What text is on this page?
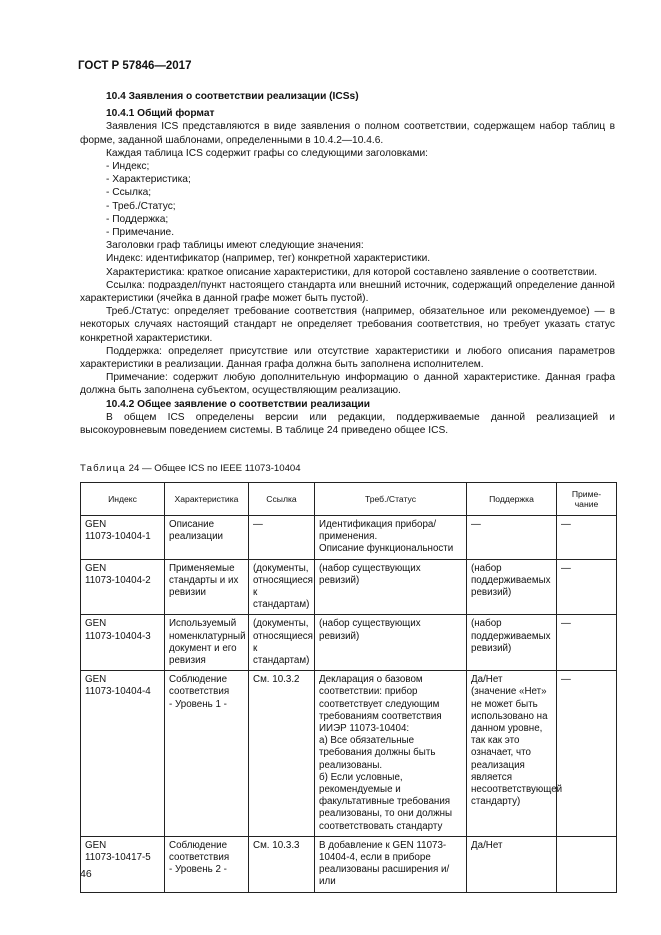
ГОСТ Р 57846—2017
10.4 Заявления о соответствии реализации (ICSs)
10.4.1 Общий формат
Заявления ICS представляются в виде заявления о полном соответствии, содержащем набор таблиц в форме, заданной шаблонами, определенными в 10.4.2—10.4.6.
Каждая таблица ICS содержит графы со следующими заголовками:
- Индекс;
- Характеристика;
- Ссылка;
- Треб./Статус;
- Поддержка;
- Примечание.
Заголовки граф таблицы имеют следующие значения:
Индекс: идентификатор (например, тег) конкретной характеристики.
Характеристика: краткое описание характеристики, для которой составлено заявление о соответствии.
Ссылка: подраздел/пункт настоящего стандарта или внешний источник, содержащий определение данной характеристики (ячейка в данной графе может быть пустой).
Треб./Статус: определяет требование соответствия (например, обязательное или рекомендуемое) — в некоторых случаях настоящий стандарт не определяет требования соответствия, но требует указать статус конкретной характеристики.
Поддержка: определяет присутствие или отсутствие характеристики и любого описания параметров характеристики в реализации. Данная графа должна быть заполнена исполнителем.
Примечание: содержит любую дополнительную информацию о данной характеристике. Данная графа должна быть заполнена субъектом, осуществляющим реализацию.
10.4.2 Общее заявление о соответствии реализации
В общем ICS определены версии или редакции, поддерживаемые данной реализацией и высокоуровневым поведением системы. В таблице 24 приведено общее ICS.
Таблица 24 — Общее ICS по IEEE 11073-10404
Индекс	Характеристика	Ссылка	Треб./Статус	Поддержка	Приме-
чание
GEN
11073-10404-1	Описание реализации	—	Идентификация прибора/применения.
Описание функциональности	—	—
GEN
11073-10404-2	Применяемые стандарты и их ревизии	(документы, относящиеся к стандартам)	(набор существующих ревизий)	(набор поддерживаемых ревизий)	—
GEN
11073-10404-3	Используемый номенклатурный документ и его ревизия	(документы, относящиеся к стандартам)	(набор существующих ревизий)	(набор поддерживаемых ревизий)	—
GEN
11073-10404-4	Соблюдение соответствия
- Уровень 1 -	См. 10.3.2	Декларация о базовом соответствии: прибор соответствует следующим требованиям соответствия ИИЭР 11073-10404:
а) Все обязательные требования должны быть реализованы.
б) Если условные, рекомендуемые и факультативные требования реализованы, то они должны соответствовать стандарту	Да/Нет
(значение «Нет» не может быть использовано на данном уровне, так как это означает, что реализация является несоответствующей стандарту)	—
GEN
11073-10417-5	Соблюдение соответствия
- Уровень 2 -	См. 10.3.3	В добавление к GEN 11073-10404-4, если в приборе реализованы расширения и/или	Да/Нет	
46
